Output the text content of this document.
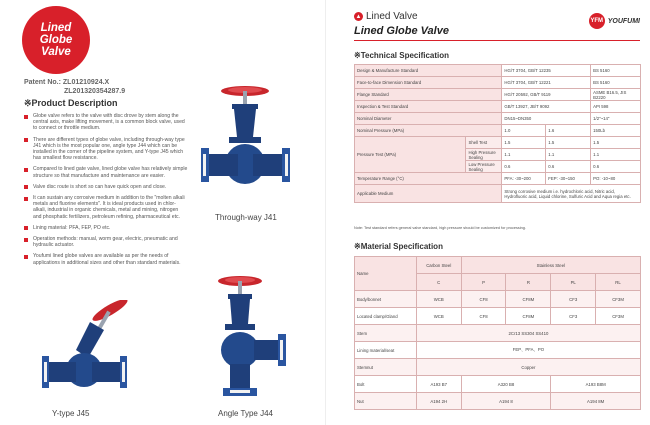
Lined
Globe
Valve
Patent No.: ZL01210924.X
ZL201320354287.9
※Product Description
Globe valve refers to the valve with disc drove by stem along the central axis, make lifting movement, is a common block valve, used to connect or throttle medium.
There are different types of globe valve, including through-way type J41 which is the most popular one, angle type J44 which can be installed in the corner of the pipeline system, and Y-type J45 which has smallest flow resistance.
Compared to lined gate valve, lined globe valve has relatively simple structure so that manufacture and maintenance are easier.
Valve disc route is short so can have quick open and close.
It can sustain any corrosive medium in addition to the "molten alkali metals and fluorine elements". It is ideal products used in chlor-alkali, industrial in organic chemicals, metal and mining, nitrogen and phosphatic fertilizers, petroleum refining, pharmaceutical etc.
Lining material: PFA, FEP, PO etc.
Operation methods: manual, worm gear, electric, pneumatic and hydraulic actuator.
Youfumi lined globe valves are available as per the needs of applications in additional sizes and other than standard materials.
Through-way J41
Y-type J45	Angle Type J44
▲ Lined Valve
Lined Globe Valve
YFM YOUFUMI
※Technical Specification
Design & Manufacture Standard		HG/T 3704, GB/T 12235		BS 5160
Face-to-face Dimension Standard		HG/T 3704, GB/T 12221		BS 5160
Flange Standard		HG/T 20592, GB/T 9119		ASME B16.5, JIS B2220
Inspection & Test Standard		GB/T 13927, JB/T 9092		API 598
Nominal Diameter		DN15~DN350		1/2"~14"
Nominal Pressure (MPa)		1.0	1.6	150Lb
Pressure Test (MPa)	Shell Test	1.5	1.5	1.5
	High Pressure Sealing	1.1	1.1	1.1
	Low Pressure Sealing	0.6	0.6	0.6
Temperature Range (°C)		PFA: -30~200	FEP: -30~150	PO: -10~80
Applicable Medium		Strong corrosive medium i.e. hydrochloric acid, Nitric acid, Hydrofluoric acid, Liquid chlorine, Sulfuric Acid and Aqua regia etc.		
Note: Test standard refers general valve standard, high pressure should be customized for processing.
※Material Specification
Name	Carbon Steel	Stainless Steel			
	C	P	R	PL	RL
Body/bonnet	WCB	CF8	CF8M	CF3	CF3M
Located clamp/Gland	WCB	CF8	CF8M	CF3	CF3M
Stem	2Cr13 SS304 SS410				
Lining material/seat	FEP、PFA、PO				
Stemnut	Copper				
Bolt	A193 B7	A320 B8		A193 B8M	
Nut	A194 2H	A194 8		A194 8M	
